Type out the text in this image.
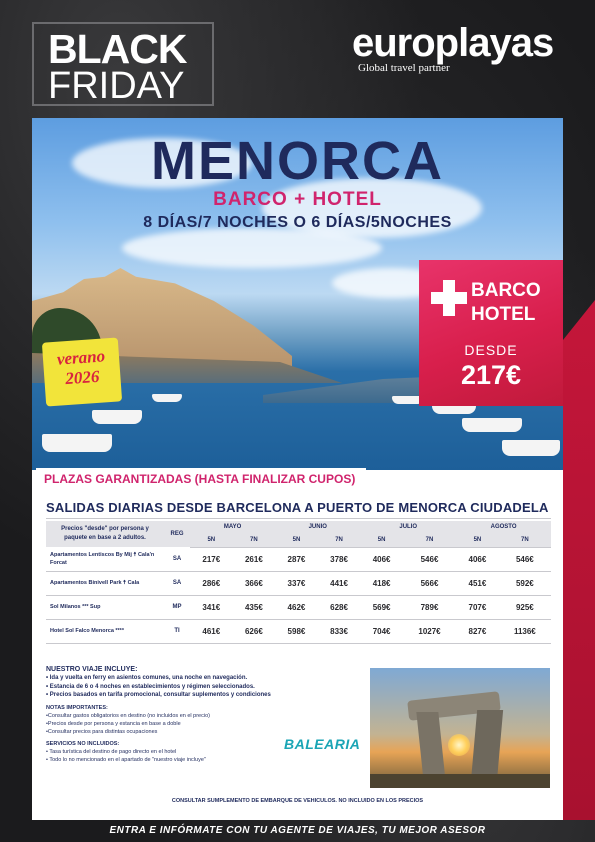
BLACK
FRIDAY
europlayas
Global travel partner
MENORCA
BARCO + HOTEL
8 DÍAS/7 NOCHES O 6 DÍAS/5NOCHES
verano
2026
BARCO
HOTEL
DESDE
217€
PLAZAS GARANTIZADAS (HASTA FINALIZAR CUPOS)
SALIDAS DIARIAS DESDE BARCELONA A PUERTO DE MENORCA CIUDADELA
Precios "desde" por persona y paquete en base a 2 adultos.	REG	MAYO		JUNIO		JULIO		AGOSTO	
		5N	7N	5N	7N	5N	7N	5N	7N
Apartamentos Lentiscos By Mij ☨ Cala'n Forcat	SA	217€	261€	287€	378€	406€	546€	406€	546€
Apartamentos Binivell Park ☨ Cala	SA	286€	366€	337€	441€	418€	566€	451€	592€
Sol Milanos *** Sup	MP	341€	435€	462€	628€	569€	789€	707€	925€
Hotel Sol Falco Menorca ****	TI	461€	626€	598€	833€	704€	1027€	827€	1136€
NUESTRO VIAJE INCLUYE:
• Ida y vuelta en ferry en asientos comunes, una noche en navegación.
• Estancia de 6 o 4 noches en establecimientos y régimen seleccionados.
• Precios basados en tarifa promocional, consultar suplementos y condiciones
NOTAS IMPORTANTES:
•Consultar gastos obligatorios en destino (no incluidos en el precio)
•Precios desde por persona y estancia en base a doble
•Consultar precios para distintas ocupaciones
SERVICIOS NO INCLUIDOS:
• Tasa turística del destino de pago directo en el hotel
• Todo lo no mencionado en el apartado de "nuestro viaje incluye"
BALEARIA
CONSULTAR SUMPLEMENTO DE EMBARQUE DE VEHICULOS. NO INCLUIDO EN LOS PRECIOS
ENTRA E INFÓRMATE CON TU AGENTE DE VIAJES, TU MEJOR ASESOR
